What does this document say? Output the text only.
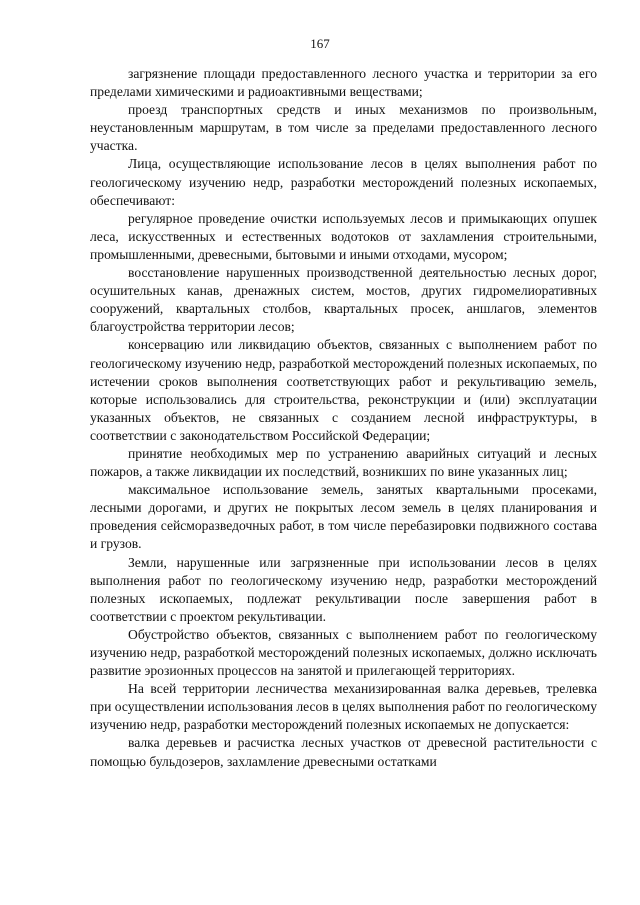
167

загрязнение площади предоставленного лесного участка и территории за его пределами химическими и радиоактивными веществами;

проезд транспортных средств и иных механизмов по произвольным, неустановленным маршрутам, в том числе за пределами предоставленного лесного участка.

Лица, осуществляющие использование лесов в целях выполнения работ по геологическому изучению недр, разработки месторождений полезных ископаемых, обеспечивают:

регулярное проведение очистки используемых лесов и примыкающих опушек леса, искусственных и естественных водотоков от захламления строительными, промышленными, древесными, бытовыми и иными отходами, мусором;

восстановление нарушенных производственной деятельностью лесных дорог, осушительных канав, дренажных систем, мостов, других гидромелиоративных сооружений, квартальных столбов, квартальных просек, аншлагов, элементов благоустройства территории лесов;

консервацию или ликвидацию объектов, связанных с выполнением работ по геологическому изучению недр, разработкой месторождений полезных ископаемых, по истечении сроков выполнения соответствующих работ и рекультивацию земель, которые использовались для строительства, реконструкции и (или) эксплуатации указанных объектов, не связанных с созданием лесной инфраструктуры, в соответствии с законодательством Российской Федерации;

принятие необходимых мер по устранению аварийных ситуаций и лесных пожаров, а также ликвидации их последствий, возникших по вине указанных лиц;

максимальное использование земель, занятых квартальными просеками, лесными дорогами, и других не покрытых лесом земель в целях планирования и проведения сейсморазведочных работ, в том числе перебазировки подвижного состава и грузов.

Земли, нарушенные или загрязненные при использовании лесов в целях выполнения работ по геологическому изучению недр, разработки месторождений полезных ископаемых, подлежат рекультивации после завершения работ в соответствии с проектом рекультивации.

Обустройство объектов, связанных с выполнением работ по геологическому изучению недр, разработкой месторождений полезных ископаемых, должно исключать развитие эрозионных процессов на занятой и прилегающей территориях.

На всей территории лесничества механизированная валка деревьев, трелевка при осуществлении использования лесов в целях выполнения работ по геологическому изучению недр, разработки месторождений полезных ископаемых не допускается:

валка деревьев и расчистка лесных участков от древесной растительности с помощью бульдозеров, захламление древесными остатками
